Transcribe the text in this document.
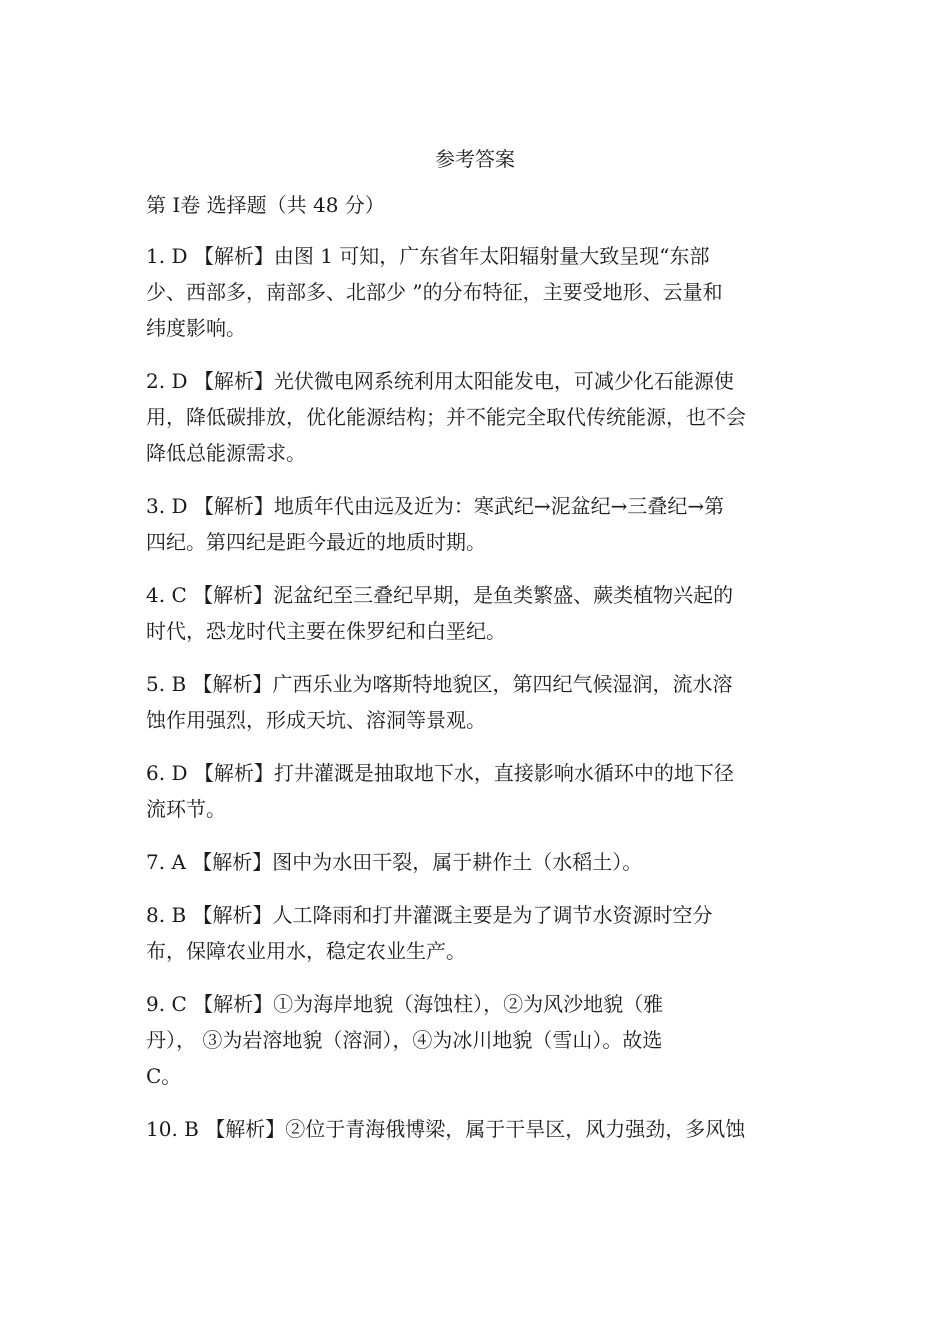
参考答案
第 Ⅰ卷 选择题（共 48 分）

1. D 【解析】由图 1 可知，广东省年太阳辐射量大致呈现“东部

少、西部多，南部多、北部少 ”的分布特征，主要受地形、云量和

纬度影响。

2. D 【解析】光伏微电网系统利用太阳能发电，可减少化石能源使

用，降低碳排放，优化能源结构；并不能完全取代传统能源，也不会

降低总能源需求。

3. D 【解析】地质年代由远及近为：寒武纪→泥盆纪→三叠纪→第

四纪。第四纪是距今最近的地质时期。

4. C 【解析】泥盆纪至三叠纪早期，是鱼类繁盛、蕨类植物兴起的

时代，恐龙时代主要在侏罗纪和白垩纪。

5. B 【解析】广西乐业为喀斯特地貌区，第四纪气候湿润，流水溶

蚀作用强烈，形成天坑、溶洞等景观。

6. D 【解析】打井灌溉是抽取地下水，直接影响水循环中的地下径

流环节。

7. A 【解析】图中为水田干裂，属于耕作土（水稻土）。

8. B 【解析】人工降雨和打井灌溉主要是为了调节水资源时空分

布，保障农业用水，稳定农业生产。

9. C 【解析】①为海岸地貌（海蚀柱），②为风沙地貌（雅

丹）， ③为岩溶地貌（溶洞），④为冰川地貌（雪山）。故选

C。

10. B 【解析】②位于青海俄博梁，属于干旱区，风力强劲，多风蚀
